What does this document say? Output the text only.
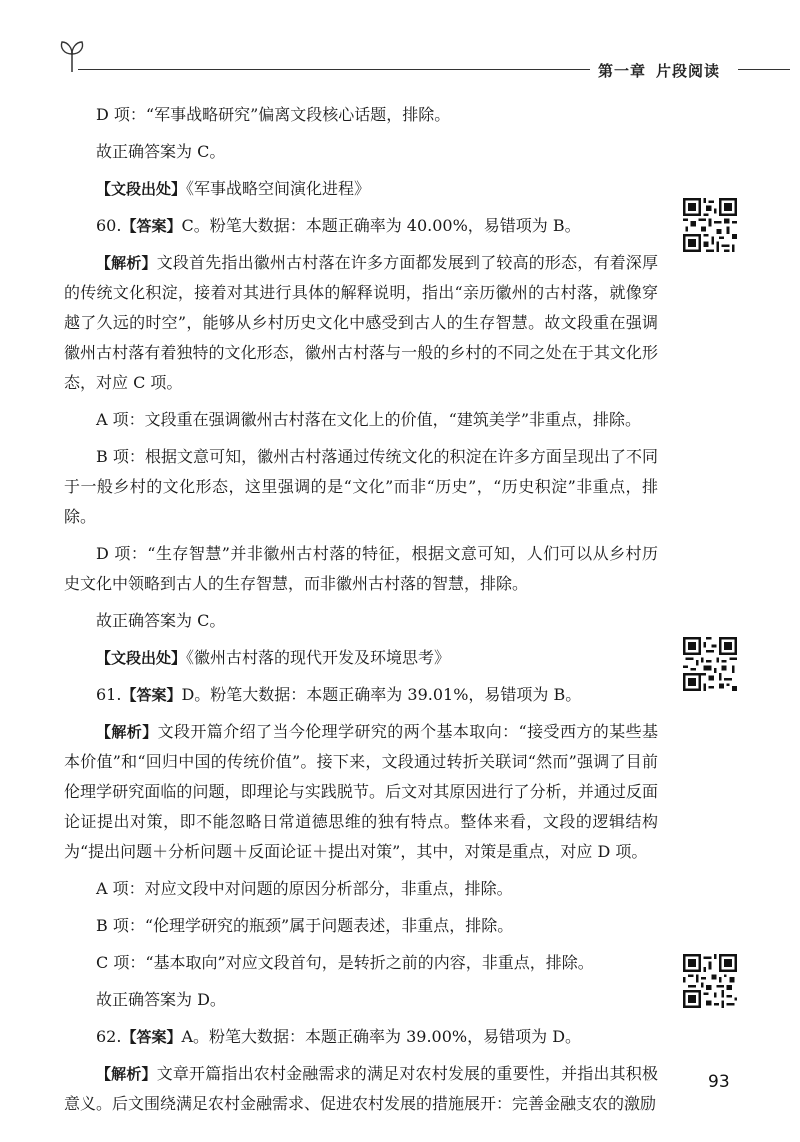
第一章 片段阅读

D 项：“军事战略研究”偏离文段核心话题，排除。

故正确答案为 C。

【文段出处】《军事战略空间演化进程》

60.【答案】C。粉笔大数据：本题正确率为 40.00%，易错项为 B。

【解析】文段首先指出徽州古村落在许多方面都发展到了较高的形态，有着深厚的传统文化积淀，接着对其进行具体的解释说明，指出“亲历徽州的古村落，就像穿越了久远的时空”，能够从乡村历史文化中感受到古人的生存智慧。故文段重在强调徽州古村落有着独特的文化形态，徽州古村落与一般的乡村的不同之处在于其文化形态，对应 C 项。

A 项：文段重在强调徽州古村落在文化上的价值，“建筑美学”非重点，排除。

B 项：根据文意可知，徽州古村落通过传统文化的积淀在许多方面呈现出了不同于一般乡村的文化形态，这里强调的是“文化”而非“历史”，“历史积淀”非重点，排除。

D 项：“生存智慧”并非徽州古村落的特征，根据文意可知，人们可以从乡村历史文化中领略到古人的生存智慧，而非徽州古村落的智慧，排除。

故正确答案为 C。

【文段出处】《徽州古村落的现代开发及环境思考》

61.【答案】D。粉笔大数据：本题正确率为 39.01%，易错项为 B。

【解析】文段开篇介绍了当今伦理学研究的两个基本取向：“接受西方的某些基本价值”和“回归中国的传统价值”。接下来，文段通过转折关联词“然而”强调了目前伦理学研究面临的问题，即理论与实践脱节。后文对其原因进行了分析，并通过反面论证提出对策，即不能忽略日常道德思维的独有特点。整体来看，文段的逻辑结构为“提出问题＋分析问题＋反面论证＋提出对策”，其中，对策是重点，对应 D 项。

A 项：对应文段中对问题的原因分析部分，非重点，排除。

B 项：“伦理学研究的瓶颈”属于问题表述，非重点，排除。

C 项：“基本取向”对应文段首句，是转折之前的内容，非重点，排除。

故正确答案为 D。

62.【答案】A。粉笔大数据：本题正确率为 39.00%，易错项为 D。

【解析】文章开篇指出农村金融需求的满足对农村发展的重要性，并指出其积极意义。后文围绕满足农村金融需求、促进农村发展的措施展开：完善金融支农的激励

93
